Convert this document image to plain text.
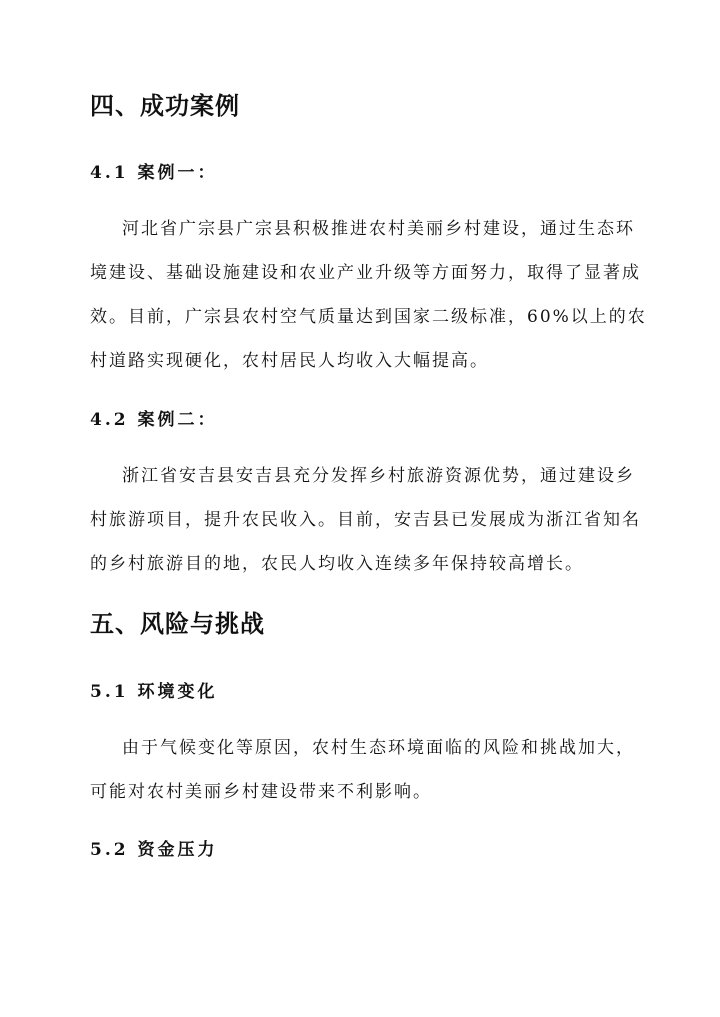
四、成功案例
4.1 案例一：
河北省广宗县广宗县积极推进农村美丽乡村建设，通过生态环
境建设、基础设施建设和农业产业升级等方面努力，取得了显著成
效。目前，广宗县农村空气质量达到国家二级标准，60%以上的农
村道路实现硬化，农村居民人均收入大幅提高。
4.2 案例二：
浙江省安吉县安吉县充分发挥乡村旅游资源优势，通过建设乡
村旅游项目，提升农民收入。目前，安吉县已发展成为浙江省知名
的乡村旅游目的地，农民人均收入连续多年保持较高增长。
五、风险与挑战
5.1 环境变化
由于气候变化等原因，农村生态环境面临的风险和挑战加大，
可能对农村美丽乡村建设带来不利影响。
5.2 资金压力
